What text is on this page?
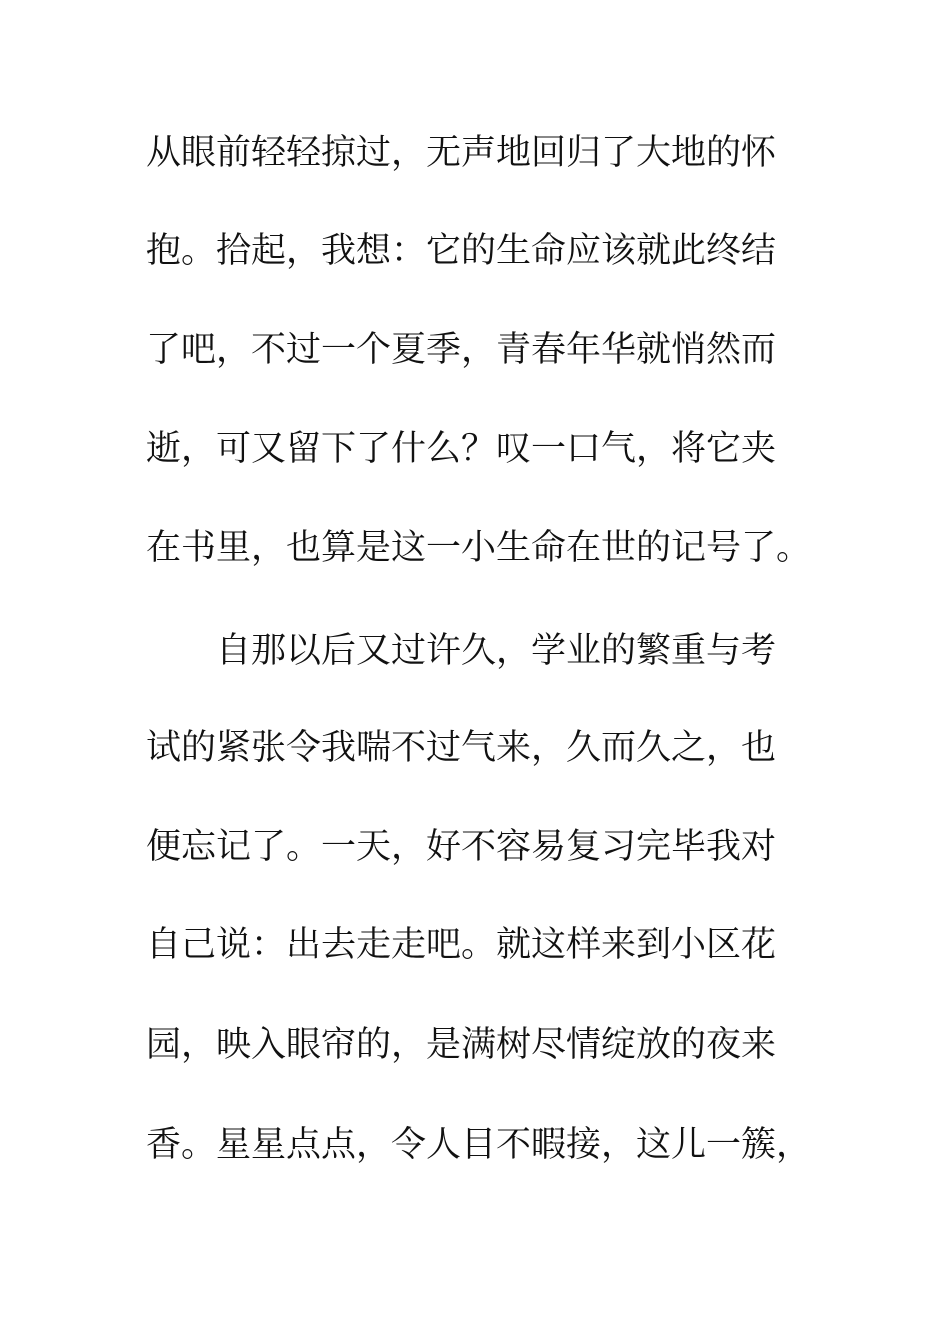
从眼前轻轻掠过，无声地回归了大地的怀
抱。拾起，我想：它的生命应该就此终结
了吧，不过一个夏季，青春年华就悄然而
逝，可又留下了什么？叹一口气，将它夹
在书里，也算是这一小生命在世的记号了。
自那以后又过许久，学业的繁重与考
试的紧张令我喘不过气来，久而久之，也
便忘记了。一天，好不容易复习完毕我对
自己说：出去走走吧。就这样来到小区花
园，映入眼帘的，是满树尽情绽放的夜来
香。星星点点，令人目不暇接，这儿一簇，
